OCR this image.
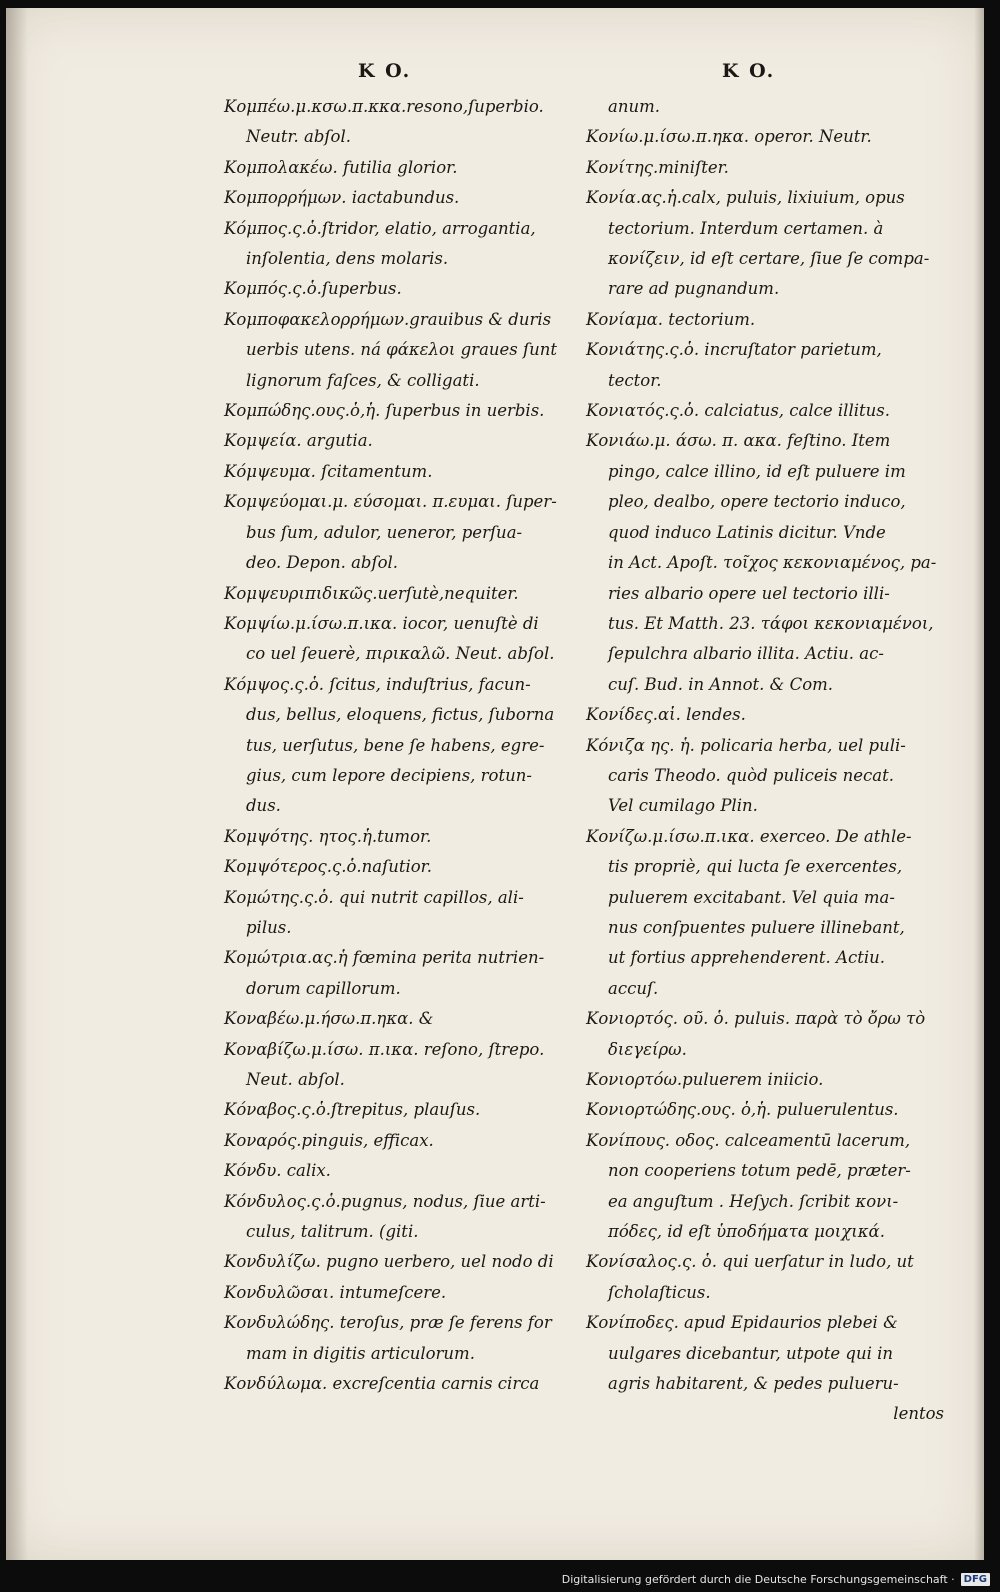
K O.	K O.

Κομπέω.μ.κσω.π.κκα.resono,ſuperbio.

Neutr. abſol.

Κομπολακέω. futilia glorior.

Κομπορρήμων. iactabundus.

Κόμπος.ς.ὁ.ſtridor, elatio, arrogantia,

inſolentia, dens molaris.

Κομπός.ς.ὁ.ſuperbus.

Κομποφακελορρήμων.grauibus & duris

uerbis utens. ná φάκελοι graues ſunt

lignorum faſces, & colligati.

Κομπώδης.ους.ὁ,ἡ. ſuperbus in uerbis.

Κομψεία. argutia.

Κόμψευμα. ſcitamentum.

Κομψεύομαι.μ. εύσομαι. π.ευμαι. ſuper-

bus ſum, adulor, ueneror, perſua-

deo. Depon. abſol.

Κομψευριπιδικῶς.uerſutè,nequiter.

Κομψίω.μ.ίσω.π.ικα. iocor, uenuſtè di

co uel ſeuerè, πιρικαλῶ. Neut. abſol.

Κόμψος.ς.ὁ. ſcitus, induſtrius, facun-

dus, bellus, eloquens, fictus, ſuborna

tus, uerſutus, bene ſe habens, egre-

gius, cum lepore decipiens, rotun-

dus.

Κομψότης. ητος.ἡ.tumor.

Κομψότερος.ς.ὁ.naſutior.

Κομώτης.ς.ὁ. qui nutrit capillos, ali-

pilus.

Κομώτρια.ας.ἡ fœmina perita nutrien-

dorum capillorum.

Κοναβέω.μ.ήσω.π.ηκα. &

Κοναβίζω.μ.ίσω. π.ικα. reſono, ſtrepo.

Neut. abſol.

Κόναβος.ς.ὁ.ſtrepitus, plauſus.

Κοναρός.pinguis, efficax.

Κόνδυ. calix.

Κόνδυλος.ς.ὁ.pugnus, nodus, ſiue arti-

culus, talitrum. (giti.

Κονδυλίζω. pugno uerbero, uel nodo di

Κονδυλῶσαι. intumeſcere.

Κονδυλώδης. teroſus, præ ſe ferens for

mam in digitis articulorum.

Κονδύλωμα. excreſcentia carnis circa

anum.

Κονίω.μ.ίσω.π.ηκα. operor. Neutr.

Κονίτης.miniſter.

Κονία.ας.ἡ.calx, puluis, lixiuium, opus

tectorium. Interdum certamen. à

κονίζειν, id eſt certare, ſiue ſe compa-

rare ad pugnandum.

Κονίαμα. tectorium.

Κονιάτης.ς.ὁ. incruſtator parietum,

tector.

Κονιατός.ς.ὁ. calciatus, calce illitus.

Κονιάω.μ. άσω. π. ακα. feſtino. Item

pingo, calce illino, id eſt puluere im

pleo, dealbo, opere tectorio induco,

quod induco Latinis dicitur. Vnde

in Act. Apoſt. τοῖχος κεκονιαμένος, pa-

ries albario opere uel tectorio illi-

tus. Et Matth. 23. τάφοι κεκονιαμένοι,

ſepulchra albario illita. Actiu. ac-

cuſ. Bud. in Annot. & Com.

Κονίδες.αἱ. lendes.

Κόνιζα ης. ἡ. policaria herba, uel puli-

caris Theodo. quòd puliceis necat.

Vel cumilago Plin.

Κονίζω.μ.ίσω.π.ικα. exerceo. De athle-

tis propriè, qui lucta ſe exercentes,

puluerem excitabant. Vel quia ma-

nus conſpuentes puluere illinebant,

ut fortius apprehenderent. Actiu.

accuſ.

Κονιορτός. οῦ. ὁ. puluis. παρὰ τὸ ὄρω τὸ

διεγείρω.

Κονιορτόω.puluerem iniicio.

Κονιορτώδης.ους. ὁ,ἡ. puluerulentus.

Κονίπους. οδος. calceamentū lacerum,

non cooperiens totum pedē, præter-

ea anguſtum . Heſych. ſcribit κονι-

πόδες, id eſt ὑποδήματα μοιχικά.

Κονίσαλος.ς. ὁ. qui uerſatur in ludo, ut

ſcholaſticus.

Κονίποδες. apud Epidaurios plebei &

uulgares dicebantur, utpote qui in

agris habitarent, & pedes pulueru-

lentos

Digitalisierung gefördert durch die Deutsche Forschungsgemeinschaft · DFG
